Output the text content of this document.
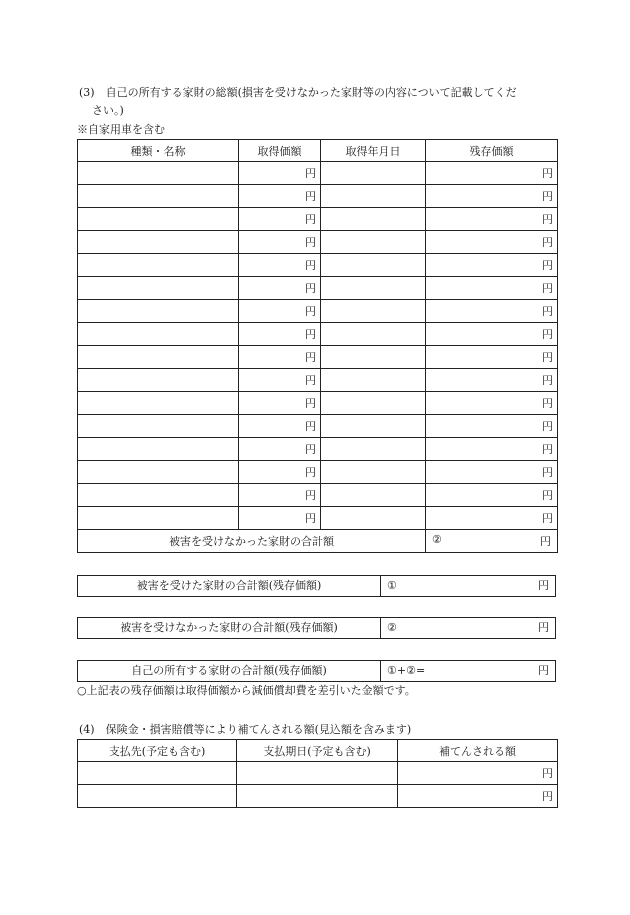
(3)　自己の所有する家財の総額(損害を受けなかった家財等の内容について記載してくだ
さい。)
※自家用車を含む
種類・名称	取得価額	取得年月日	残存価額
	円		円
	円		円
	円		円
	円		円
	円		円
	円		円
	円		円
	円		円
	円		円
	円		円
	円		円
	円		円
	円		円
	円		円
	円		円
	円		円
被害を受けなかった家財の合計額			② 円
被害を受けた家財の合計額(残存価額)	①	円
被害を受けなかった家財の合計額(残存価額)	②	円
自己の所有する家財の合計額(残存価額)	①+②=	円
○上記表の残存価額は取得価額から減価償却費を差引いた金額です。
(4)　保険金・損害賠償等により補てんされる額(見込額を含みます)
支払先(予定も含む)	支払期日(予定も含む)	補てんされる額
		円
		円
